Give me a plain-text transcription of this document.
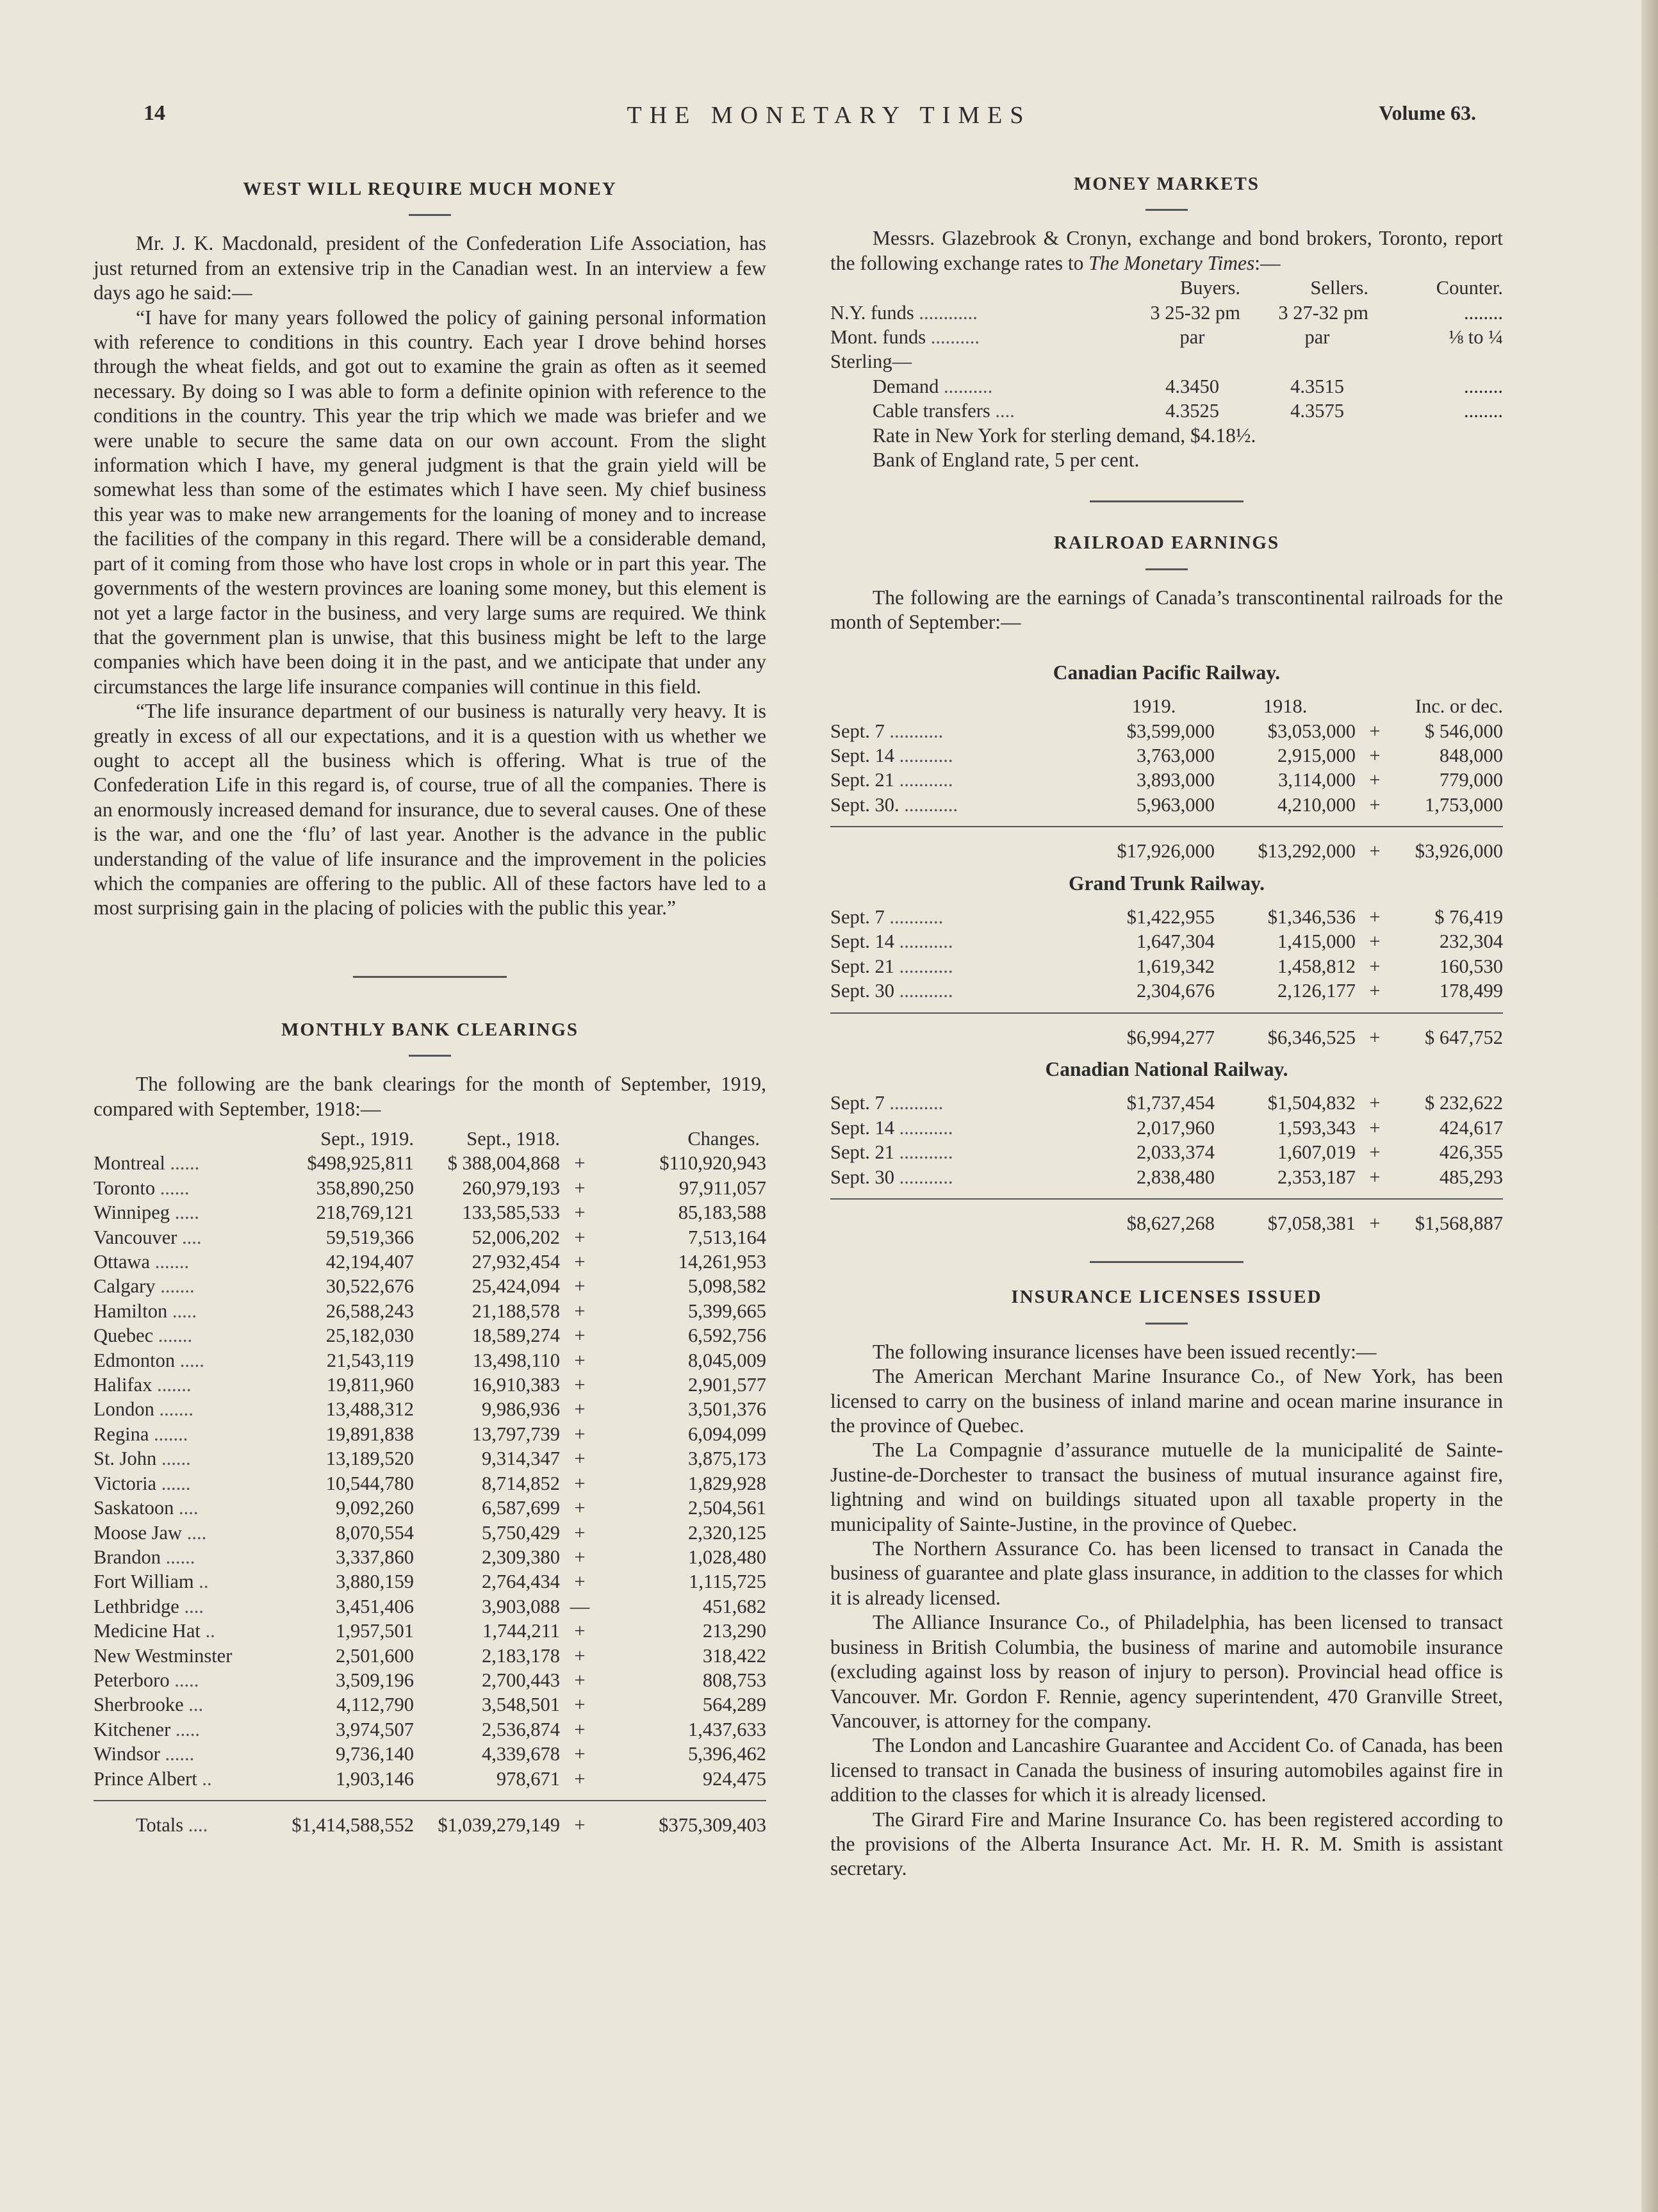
14	THE MONETARY TIMES	Volume 63.
WEST WILL REQUIRE MUCH MONEY

Mr. J. K. Macdonald, president of the Confederation Life Association, has just returned from an extensive trip in the Canadian west. In an interview a few days ago he said:—

“I have for many years followed the policy of gaining personal information with reference to conditions in this country. Each year I drove behind horses through the wheat fields, and got out to examine the grain as often as it seemed necessary. By doing so I was able to form a definite opinion with reference to the conditions in the country. This year the trip which we made was briefer and we were unable to secure the same data on our own account. From the slight information which I have, my general judgment is that the grain yield will be somewhat less than some of the estimates which I have seen. My chief business this year was to make new arrangements for the loaning of money and to increase the facilities of the company in this regard. There will be a considerable demand, part of it coming from those who have lost crops in whole or in part this year. The governments of the western provinces are loaning some money, but this element is not yet a large factor in the business, and very large sums are required. We think that the government plan is unwise, that this business might be left to the large companies which have been doing it in the past, and we anticipate that under any circumstances the large life insurance companies will continue in this field.

“The life insurance department of our business is naturally very heavy. It is greatly in excess of all our expectations, and it is a question with us whether we ought to accept all the business which is offering. What is true of the Confederation Life in this regard is, of course, true of all the companies. There is an enormously increased demand for insurance, due to several causes. One of these is the war, and one the ‘flu’ of last year. Another is the advance in the public understanding of the value of life insurance and the improvement in the policies which the companies are offering to the public. All of these factors have led to a most surprising gain in the placing of policies with the public this year.”

MONTHLY BANK CLEARINGS

The following are the bank clearings for the month of September, 1919, compared with September, 1918:—

	Sept., 1919.	Sept., 1918.		Changes.
Montreal ......	$498,925,811	$ 388,004,868	+	$110,920,943
Toronto ......	358,890,250	260,979,193	+	97,911,057
Winnipeg .....	218,769,121	133,585,533	+	85,183,588
Vancouver ....	59,519,366	52,006,202	+	7,513,164
Ottawa .......	42,194,407	27,932,454	+	14,261,953
Calgary .......	30,522,676	25,424,094	+	5,098,582
Hamilton .....	26,588,243	21,188,578	+	5,399,665
Quebec .......	25,182,030	18,589,274	+	6,592,756
Edmonton .....	21,543,119	13,498,110	+	8,045,009
Halifax .......	19,811,960	16,910,383	+	2,901,577
London .......	13,488,312	9,986,936	+	3,501,376
Regina .......	19,891,838	13,797,739	+	6,094,099
St. John ......	13,189,520	9,314,347	+	3,875,173
Victoria ......	10,544,780	8,714,852	+	1,829,928
Saskatoon ....	9,092,260	6,587,699	+	2,504,561
Moose Jaw ....	8,070,554	5,750,429	+	2,320,125
Brandon ......	3,337,860	2,309,380	+	1,028,480
Fort William ..	3,880,159	2,764,434	+	1,115,725
Lethbridge ....	3,451,406	3,903,088	—	451,682
Medicine Hat ..	1,957,501	1,744,211	+	213,290
New Westminster	2,501,600	2,183,178	+	318,422
Peterboro .....	3,509,196	2,700,443	+	808,753
Sherbrooke ...	4,112,790	3,548,501	+	564,289
Kitchener .....	3,974,507	2,536,874	+	1,437,633
Windsor ......	9,736,140	4,339,678	+	5,396,462
Prince Albert ..	1,903,146	978,671	+	924,475

Totals ....	$1,414,588,552	$1,039,279,149	+	$375,309,403
MONEY MARKETS

Messrs. Glazebrook & Cronyn, exchange and bond brokers, Toronto, report the following exchange rates to The Monetary Times:—

	Buyers.	Sellers.	Counter.
N.Y. funds ............	3 25-32 pm	3 27-32 pm	........
Mont. funds ..........	par	par	⅛ to ¼
Sterling—			
Demand ..........	4.3450	4.3515	........
Cable transfers ....	4.3525	4.3575	........
Rate in New York for sterling demand, $4.18½.
Bank of England rate, 5 per cent.
RAILROAD EARNINGS

The following are the earnings of Canada’s transcontinental railroads for the month of September:—

Canadian Pacific Railway.
	1919.	1918.	Inc. or dec.	
Sept. 7 ...........	$3,599,000	$3,053,000	+	$ 546,000
Sept. 14 ...........	3,763,000	2,915,000	+	848,000
Sept. 21 ...........	3,893,000	3,114,000	+	779,000
Sept. 30. ...........	5,963,000	4,210,000	+	1,753,000

	$17,926,000	$13,292,000	+	$3,926,000
Grand Trunk Railway.
Sept. 7 ...........	$1,422,955	$1,346,536	+	$ 76,419
Sept. 14 ...........	1,647,304	1,415,000	+	232,304
Sept. 21 ...........	1,619,342	1,458,812	+	160,530
Sept. 30 ...........	2,304,676	2,126,177	+	178,499

	$6,994,277	$6,346,525	+	$ 647,752
Canadian National Railway.
Sept. 7 ...........	$1,737,454	$1,504,832	+	$ 232,622
Sept. 14 ...........	2,017,960	1,593,343	+	424,617
Sept. 21 ...........	2,033,374	1,607,019	+	426,355
Sept. 30 ...........	2,838,480	2,353,187	+	485,293

	$8,627,268	$7,058,381	+	$1,568,887
INSURANCE LICENSES ISSUED

The following insurance licenses have been issued recently:—

The American Merchant Marine Insurance Co., of New York, has been licensed to carry on the business of inland marine and ocean marine insurance in the province of Quebec.

The La Compagnie d’assurance mutuelle de la municipalité de Sainte-Justine-de-Dorchester to transact the business of mutual insurance against fire, lightning and wind on buildings situated upon all taxable property in the municipality of Sainte-Justine, in the province of Quebec.

The Northern Assurance Co. has been licensed to transact in Canada the business of guarantee and plate glass insurance, in addition to the classes for which it is already licensed.

The Alliance Insurance Co., of Philadelphia, has been licensed to transact business in British Columbia, the business of marine and automobile insurance (excluding against loss by reason of injury to person). Provincial head office is Vancouver. Mr. Gordon F. Rennie, agency superintendent, 470 Granville Street, Vancouver, is attorney for the company.

The London and Lancashire Guarantee and Accident Co. of Canada, has been licensed to transact in Canada the business of insuring automobiles against fire in addition to the classes for which it is already licensed.

The Girard Fire and Marine Insurance Co. has been registered according to the provisions of the Alberta Insurance Act. Mr. H. R. M. Smith is assistant secretary.
